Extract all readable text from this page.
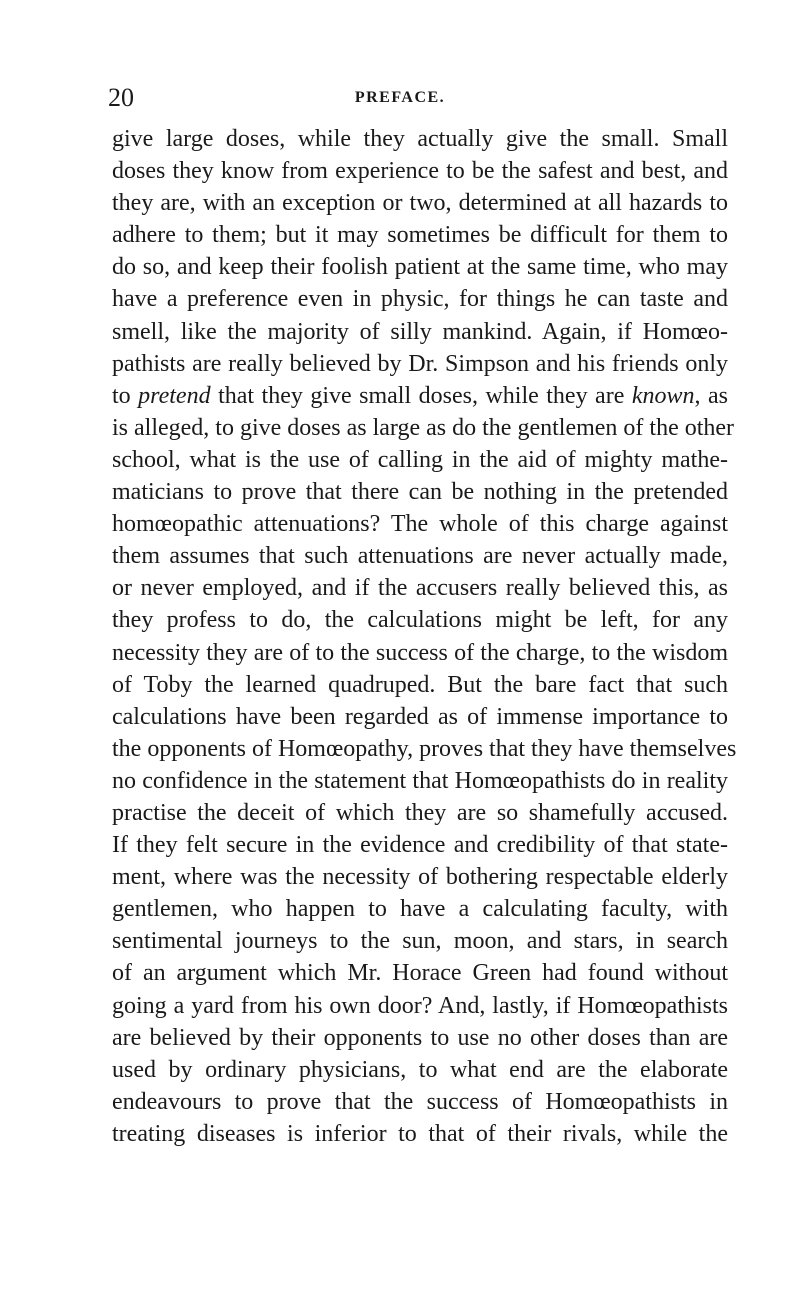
20	PREFACE.
give large doses, while they actually give the small. Small
doses they know from experience to be the safest and best, and
they are, with an exception or two, determined at all hazards to
adhere to them; but it may sometimes be difficult for them to
do so, and keep their foolish patient at the same time, who may
have a preference even in physic, for things he can taste and
smell, like the majority of silly mankind. Again, if Homœo-
pathists are really believed by Dr. Simpson and his friends only
to pretend that they give small doses, while they are known, as
is alleged, to give doses as large as do the gentlemen of the other
school, what is the use of calling in the aid of mighty mathe-
maticians to prove that there can be nothing in the pretended
homœopathic attenuations? The whole of this charge against
them assumes that such attenuations are never actually made,
or never employed, and if the accusers really believed this, as
they profess to do, the calculations might be left, for any
necessity they are of to the success of the charge, to the wisdom
of Toby the learned quadruped. But the bare fact that such
calculations have been regarded as of immense importance to
the opponents of Homœopathy, proves that they have themselves
no confidence in the statement that Homœopathists do in reality
practise the deceit of which they are so shamefully accused.
If they felt secure in the evidence and credibility of that state-
ment, where was the necessity of bothering respectable elderly
gentlemen, who happen to have a calculating faculty, with
sentimental journeys to the sun, moon, and stars, in search
of an argument which Mr. Horace Green had found without
going a yard from his own door? And, lastly, if Homœopathists
are believed by their opponents to use no other doses than are
used by ordinary physicians, to what end are the elaborate
endeavours to prove that the success of Homœopathists in
treating diseases is inferior to that of their rivals, while the
